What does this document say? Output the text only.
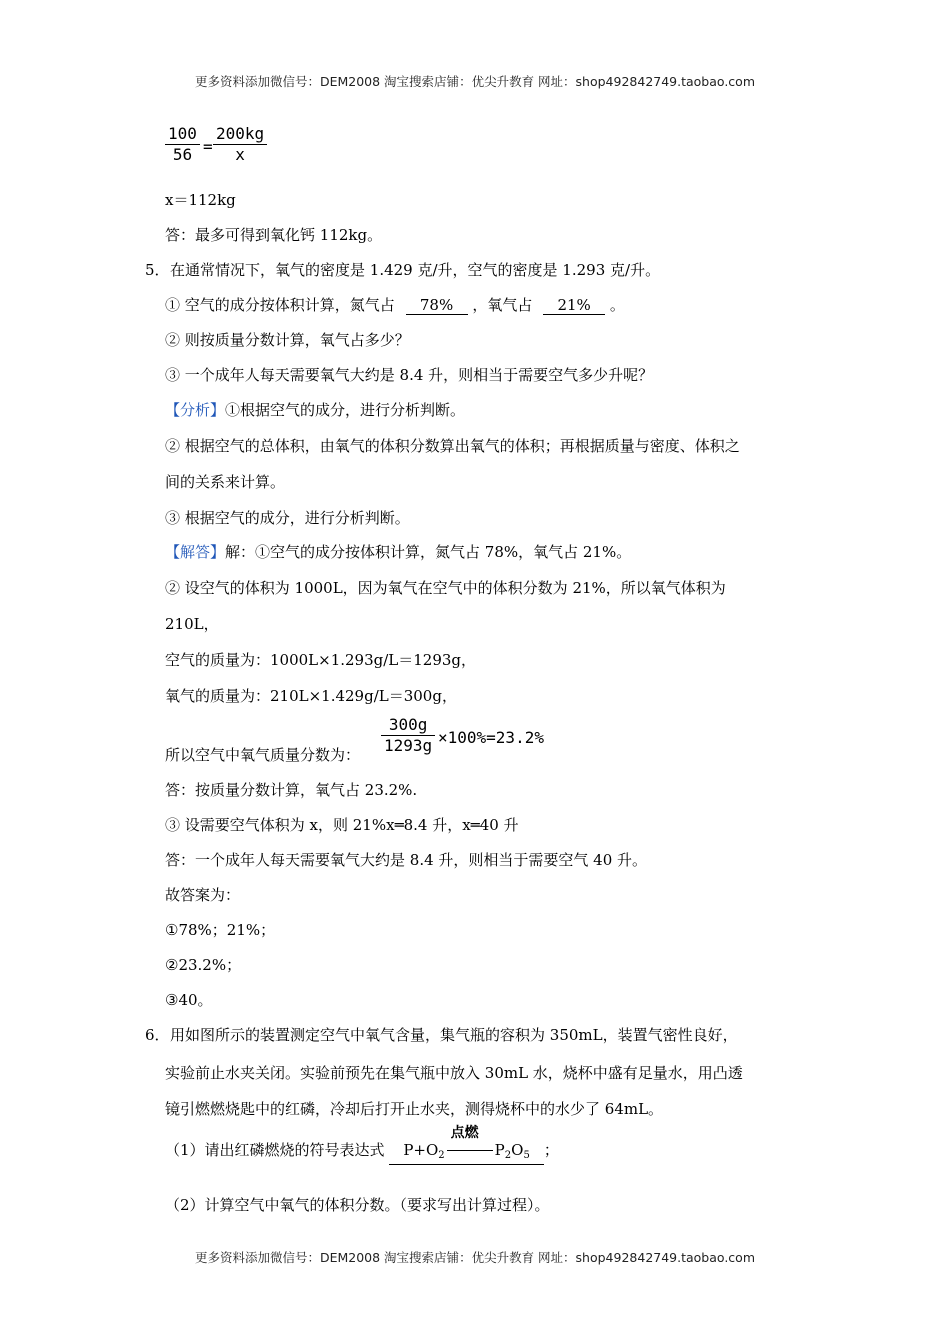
更多资料添加微信号：DEM2008 淘宝搜索店铺：优尖升教育 网址：shop492842749.taobao.com
100
56 =
200kg
x
x＝112kg
答：最多可得到氧化钙 112kg。
5． 在通常情况下，氧气的密度是 1.429 克/升，空气的密度是 1.293 克/升。
① 空气的成分按体积计算，氮气占 78% ，氧气占 21% 。
② 则按质量分数计算，氧气占多少？
③ 一个成年人每天需要氧气大约是 8.4 升，则相当于需要空气多少升呢？
【分析】①根据空气的成分，进行分析判断。
② 根据空气的总体积，由氧气的体积分数算出氧气的体积；再根据质量与密度、体积之
间的关系来计算。
③ 根据空气的成分，进行分析判断。
【解答】解：①空气的成分按体积计算，氮气占 78%，氧气占 21%。
② 设空气的体积为 1000L，因为氧气在空气中的体积分数为 21%，所以氧气体积为
210L，
空气的质量为：1000L×1.293g/L＝1293g，
氧气的质量为：210L×1.429g/L＝300g，
所以空气中氧气质量分数为：
300g
1293g ×100%=23.2%
答：按质量分数计算，氧气占 23.2%.
③ 设需要空气体积为 x，则 21%x═8.4 升，x═40 升
答：一个成年人每天需要氧气大约是 8.4 升，则相当于需要空气 40 升。
故答案为：
①78%；21%；
②23.2%；
③40。
6． 用如图所示的装置测定空气中氧气含量，集气瓶的容积为 350mL，装置气密性良好，
实验前止水夹关闭。实验前预先在集气瓶中放入 30mL 水，烧杯中盛有足量水，用凸透
镜引燃燃烧匙中的红磷，冷却后打开止水夹，测得烧杯中的水少了 64mL。
（1）请出红磷燃烧的符号表达式 $P+O_2$
点燃
$P_2O_5$ ；
（2）计算空气中氧气的体积分数。（要求写出计算过程）。
更多资料添加微信号：DEM2008 淘宝搜索店铺：优尖升教育 网址：shop492842749.taobao.com
